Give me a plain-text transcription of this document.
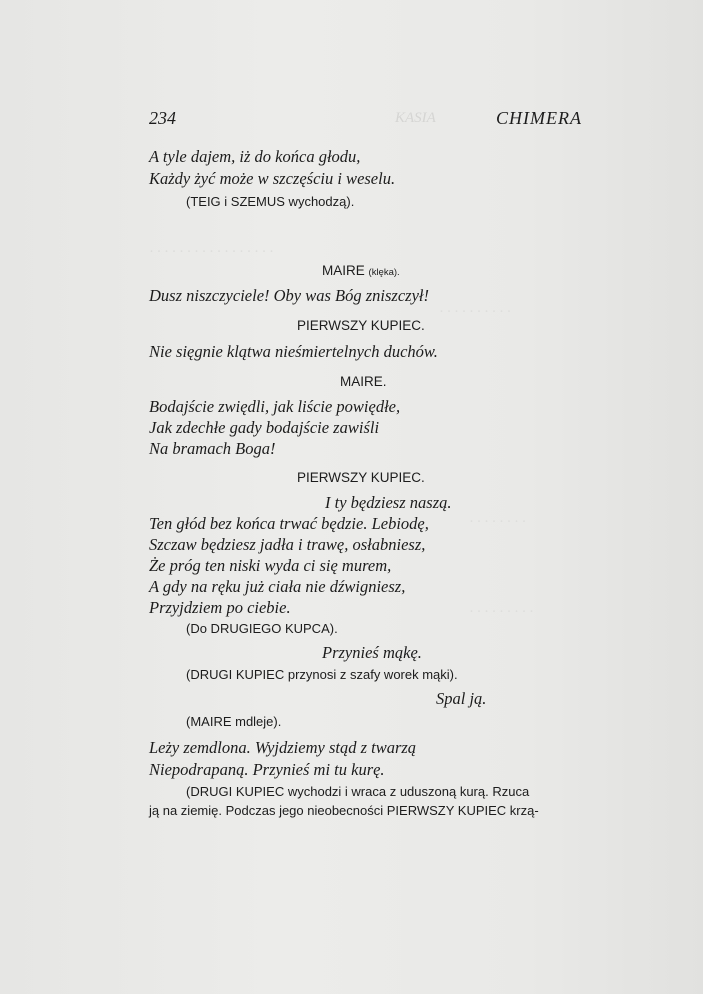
KASIA
. . . . . . . . . . . . . . . . .
. . . . . . . . . .
. . . . . . . .
. . . . . . . . .
234	CHIMERA
A tyle dajem, iż do końca głodu,
Każdy żyć może w szczęściu i weselu.
(TEIG i SZEMUS wychodzą).
MAIRE (klęka).
Dusz niszczyciele! Oby was Bóg zniszczył!
PIERWSZY KUPIEC.
Nie sięgnie klątwa nieśmiertelnych duchów.
MAIRE.
Bodajście zwiędli, jak liście powiędłe,
Jak zdechłe gady bodajście zawiśli
Na bramach Boga!
PIERWSZY KUPIEC.
I ty będziesz naszą.
Ten głód bez końca trwać będzie. Lebiodę,
Szczaw będziesz jadła i trawę, osłabniesz,
Że próg ten niski wyda ci się murem,
A gdy na ręku już ciała nie dźwigniesz,
Przyjdziem po ciebie.
(Do DRUGIEGO KUPCA).
Przynieś mąkę.
(DRUGI KUPIEC przynosi z szafy worek mąki).
Spal ją.
(MAIRE mdleje).
Leży zemdlona. Wyjdziemy stąd z twarzą
Niepodrapaną. Przynieś mi tu kurę.
(DRUGI KUPIEC wychodzi i wraca z uduszoną kurą. Rzuca
ją na ziemię. Podczas jego nieobecności PIERWSZY KUPIEC krzą-
